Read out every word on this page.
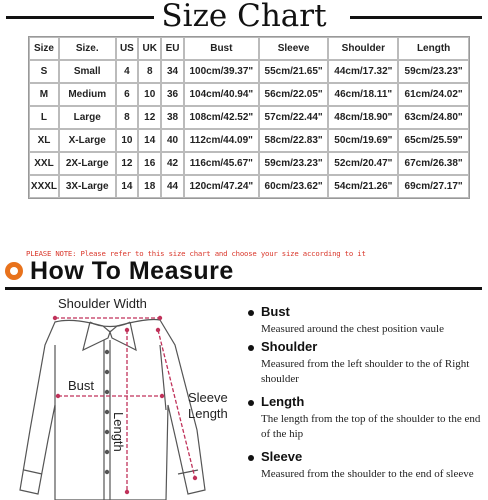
Size Chart
Size	Size.	US	UK	EU	Bust	Sleeve	Shoulder	Length
S	Small	4	8	34	100cm/39.37"	55cm/21.65"	44cm/17.32"	59cm/23.23"
M	Medium	6	10	36	104cm/40.94"	56cm/22.05"	46cm/18.11"	61cm/24.02"
L	Large	8	12	38	108cm/42.52"	57cm/22.44"	48cm/18.90"	63cm/24.80"
XL	X-Large	10	14	40	112cm/44.09"	58cm/22.83"	50cm/19.69"	65cm/25.59"
XXL	2X-Large	12	16	42	116cm/45.67"	59cm/23.23"	52cm/20.47"	67cm/26.38"
XXXL	3X-Large	14	18	44	120cm/47.24"	60cm/23.62"	54cm/21.26"	69cm/27.17"
PLEASE NOTE: Please refer to this size chart and choose your size according to it
How To Measure
Shoulder Width
Bust
Length
Sleeve
Length
Bust
Measured around the chest position vaule
Shoulder
Measured from the left shoulder to the of Right shoulder
Length
The length from the top of the shoulder to the end of the hip
Sleeve
Measured from the shoulder to the end of sleeve
